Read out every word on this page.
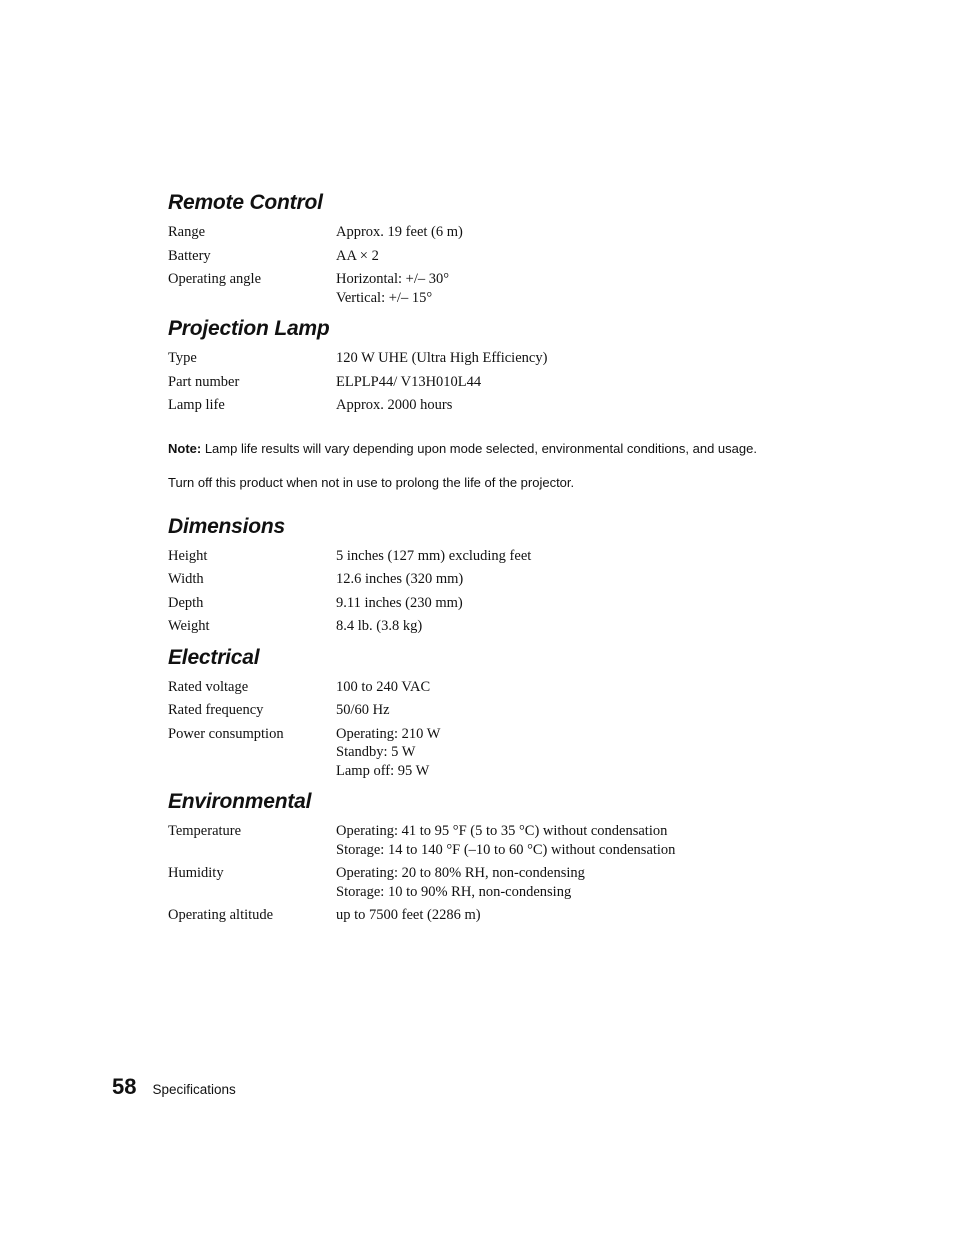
Remote Control
Range	Approx. 19 feet (6 m)
Battery	AA × 2
Operating angle	Horizontal: +/– 30°
Vertical: +/– 15°
Projection Lamp
Type	120 W UHE (Ultra High Efficiency)
Part number	ELPLP44/ V13H010L44
Lamp life	Approx. 2000 hours

Note: Lamp life results will vary depending upon mode selected, environmental conditions, and usage.

Turn off this product when not in use to prolong the life of the projector.

Dimensions
Height	5 inches (127 mm) excluding feet
Width	12.6 inches (320 mm)
Depth	9.11 inches (230 mm)
Weight	8.4 lb. (3.8 kg)
Electrical
Rated voltage	100 to 240 VAC
Rated frequency	50/60 Hz
Power consumption	Operating: 210 W
Standby: 5 W
Lamp off: 95 W
Environmental
Temperature	Operating: 41 to 95 °F (5 to 35 °C) without condensation
Storage: 14 to 140 °F (–10 to 60 °C) without condensation
Humidity	Operating: 20 to 80% RH, non-condensing
Storage: 10 to 90% RH, non-condensing
Operating altitude	up to 7500 feet (2286 m)
58 Specifications
